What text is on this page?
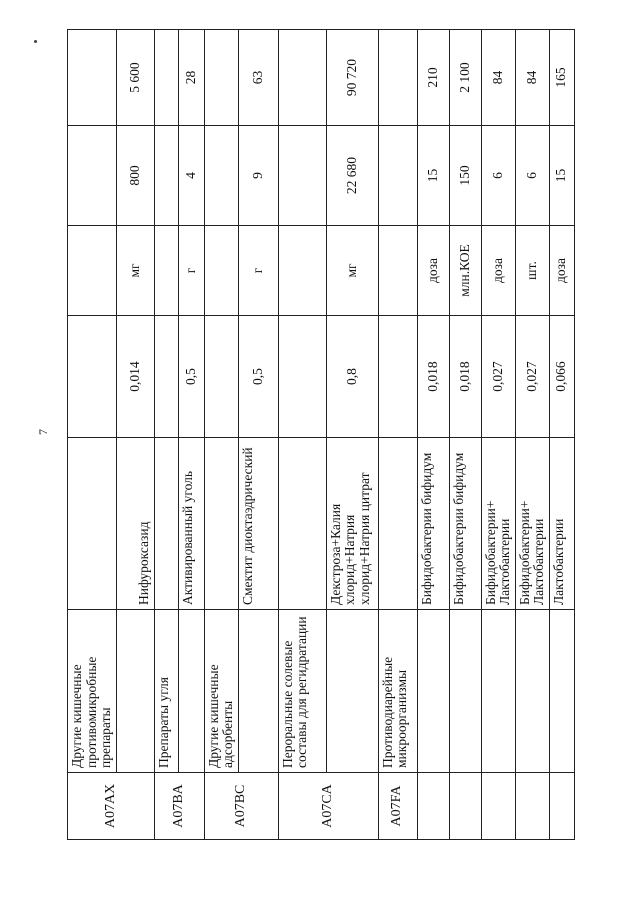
7
A07AX	Другие кишечные противомикробные препараты					
		Нифуроксазид	0,014	мг	800	5 600
A07BA	Препараты угля					
		Активированный уголь	0,5	г	4	28
A07BC	Другие кишечные адсорбенты					
		Смектит диоктаэдрический	0,5	г	9	63
A07CA	Пероральные солевые составы для регидратации					
		Декстроза+Калия хлорид+Натрия хлорид+Натрия цитрат	0,8	мг	22 680	90 720
A07FA	Противодиарейные микроорганизмы					
		Бифидобактерии бифидум	0,018	доза	15	210
		Бифидобактерии бифидум	0,018	млн.КОЕ	150	2 100
		Бифидобактерии+ Лактобактерии	0,027	доза	6	84
		Бифидобактерии+ Лактобактерии	0,027	шт.	6	84
		Лактобактерии	0,066	доза	15	165
